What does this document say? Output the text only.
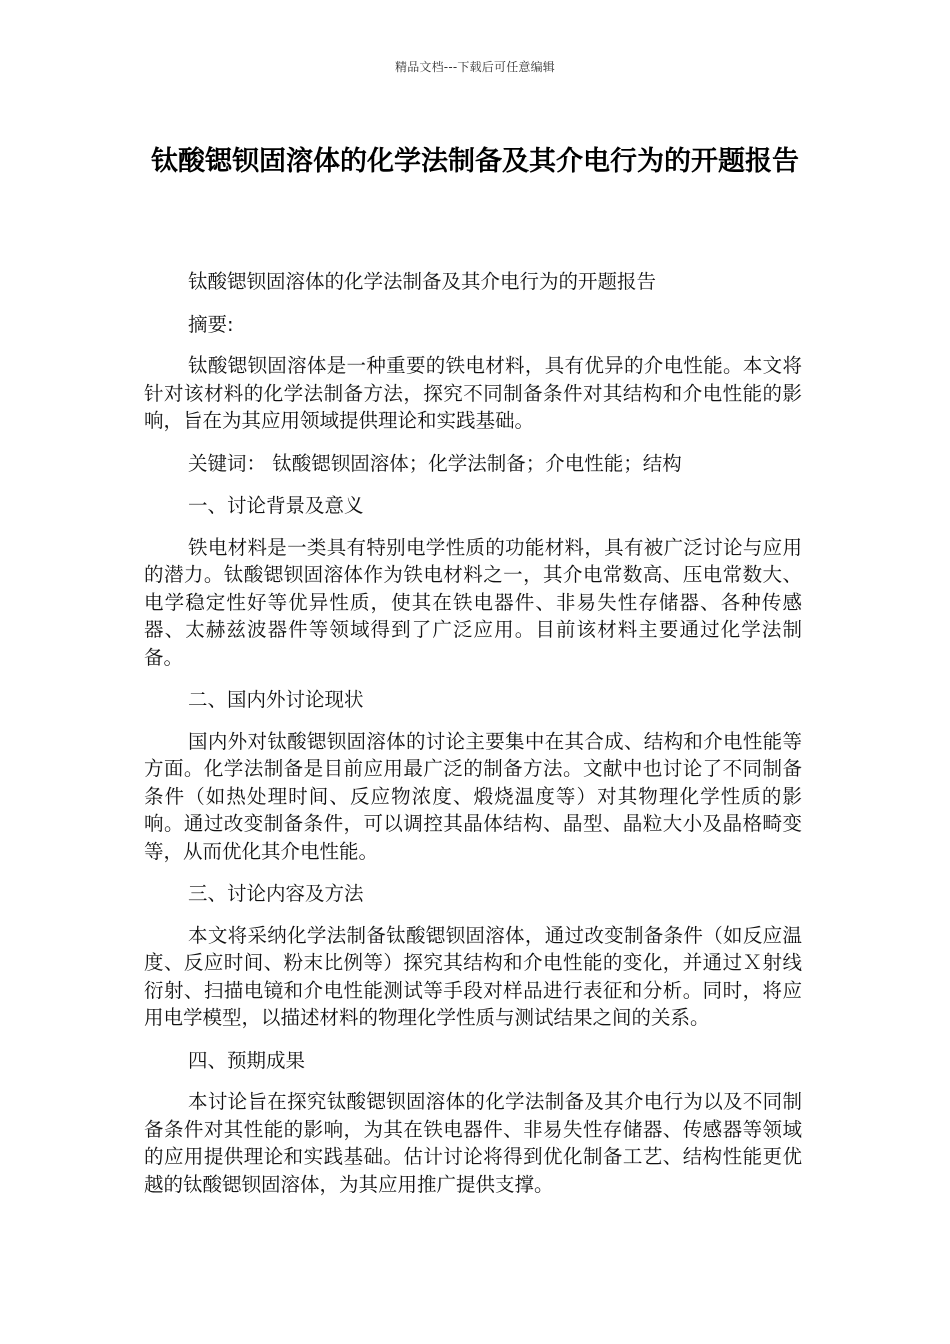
精品文档---下载后可任意编辑
钛酸锶钡固溶体的化学法制备及其介电行为的开题报告

钛酸锶钡固溶体的化学法制备及其介电行为的开题报告

摘要:

钛酸锶钡固溶体是一种重要的铁电材料，具有优异的介电性能。本文将针对该材料的化学法制备方法，探究不同制备条件对其结构和介电性能的影响，旨在为其应用领域提供理论和实践基础。

关键词： 钛酸锶钡固溶体；化学法制备；介电性能；结构

一、讨论背景及意义

铁电材料是一类具有特别电学性质的功能材料，具有被广泛讨论与应用的潜力。钛酸锶钡固溶体作为铁电材料之一，其介电常数高、压电常数大、电学稳定性好等优异性质，使其在铁电器件、非易失性存储器、各种传感器、太赫兹波器件等领域得到了广泛应用。目前该材料主要通过化学法制备。

二、国内外讨论现状

国内外对钛酸锶钡固溶体的讨论主要集中在其合成、结构和介电性能等方面。化学法制备是目前应用最广泛的制备方法。文献中也讨论了不同制备条件（如热处理时间、反应物浓度、煅烧温度等）对其物理化学性质的影响。通过改变制备条件，可以调控其晶体结构、晶型、晶粒大小及晶格畸变等，从而优化其介电性能。

三、讨论内容及方法

本文将采纳化学法制备钛酸锶钡固溶体，通过改变制备条件（如反应温度、反应时间、粉末比例等）探究其结构和介电性能的变化，并通过Ｘ射线衍射、扫描电镜和介电性能测试等手段对样品进行表征和分析。同时，将应用电学模型，以描述材料的物理化学性质与测试结果之间的关系。

四、预期成果

本讨论旨在探究钛酸锶钡固溶体的化学法制备及其介电行为以及不同制备条件对其性能的影响，为其在铁电器件、非易失性存储器、传感器等领域的应用提供理论和实践基础。估计讨论将得到优化制备工艺、结构性能更优越的钛酸锶钡固溶体，为其应用推广提供支撑。
